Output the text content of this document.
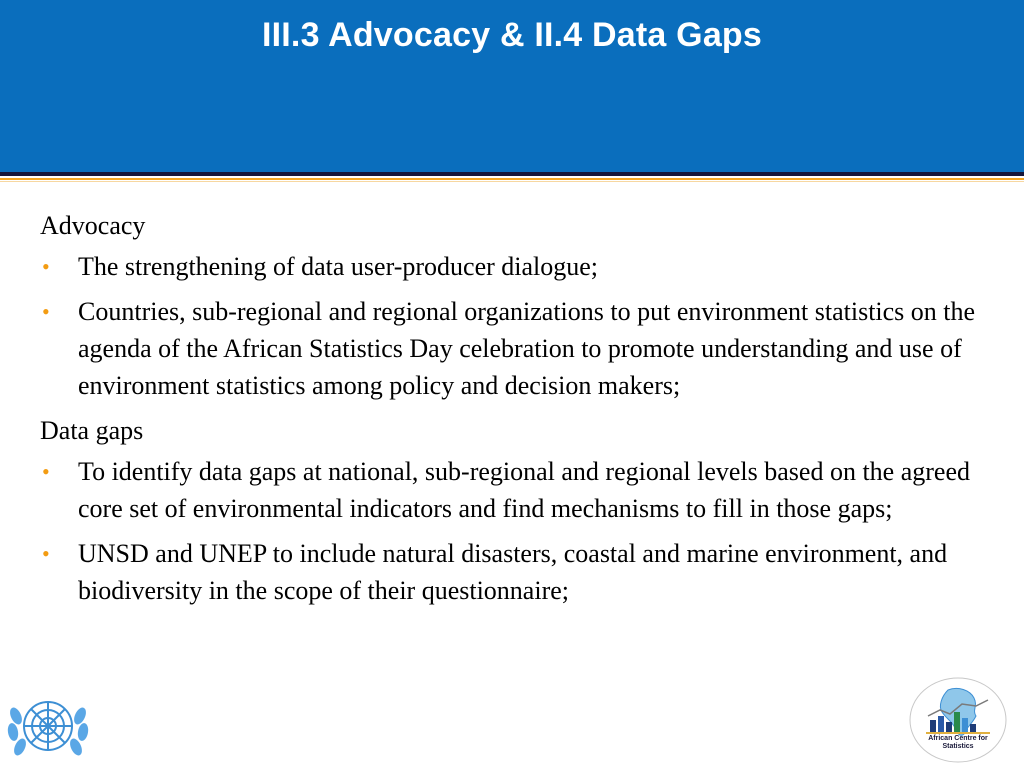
III.3 Advocacy & II.4 Data Gaps
Advocacy
• The strengthening of data user-producer dialogue;
• Countries, sub-regional and regional organizations to put environment statistics on the agenda of the African Statistics Day celebration to promote understanding and use of environment statistics among policy and decision makers;
Data gaps
• To identify data gaps at national, sub-regional and regional levels based on the agreed core set of environmental indicators and find mechanisms to fill in those gaps;
• UNSD and UNEP to include natural disasters, coastal and marine environment, and biodiversity in the scope of their questionnaire;
African Centre for
Statistics
